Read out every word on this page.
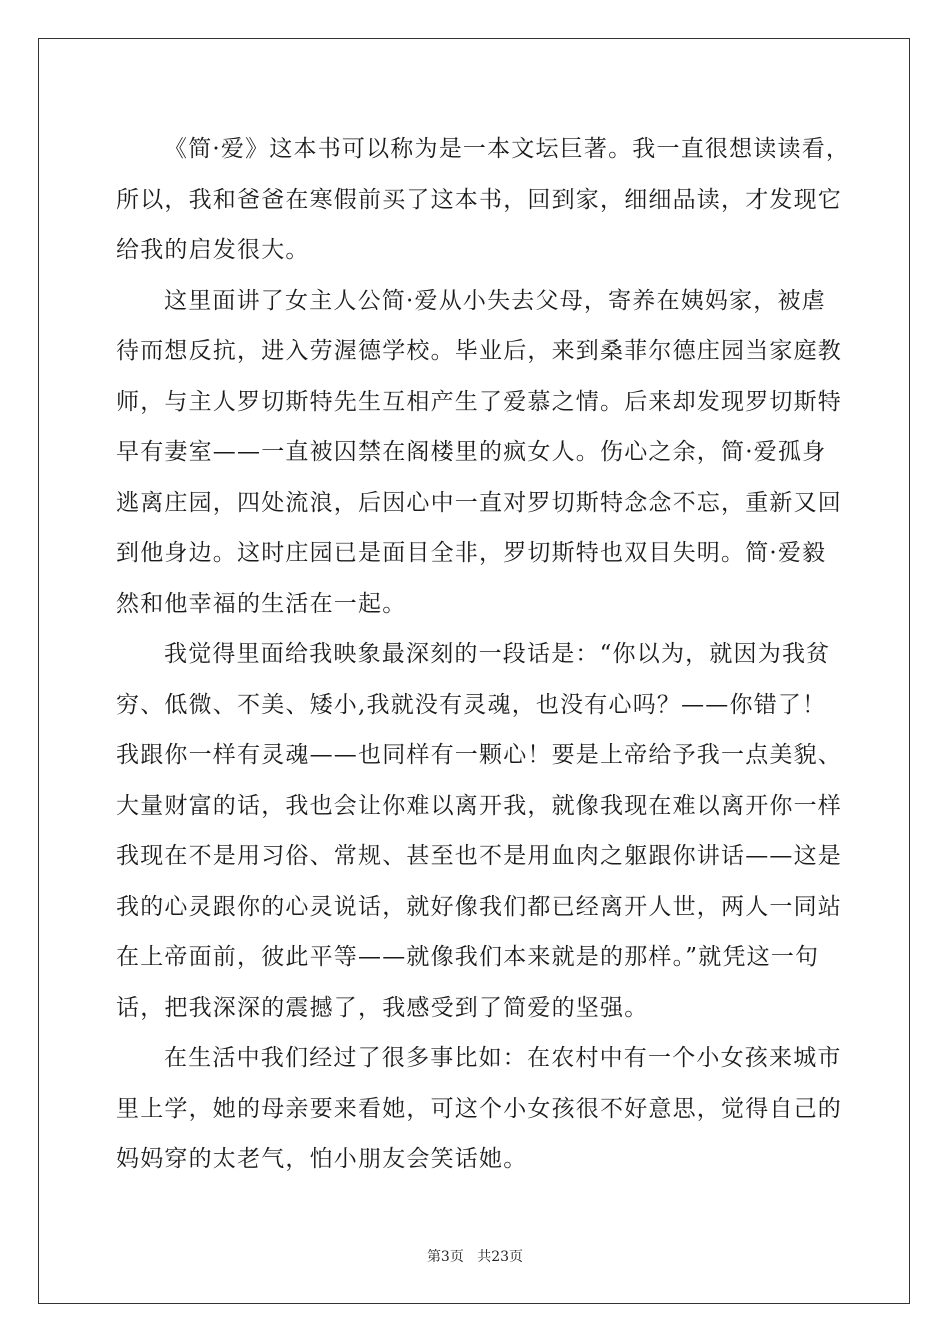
《简·爱》这本书可以称为是一本文坛巨著。我一直很想读读看，
所以，我和爸爸在寒假前买了这本书，回到家，细细品读，才发现它
给我的启发很大。

这里面讲了女主人公简·爱从小失去父母，寄养在姨妈家，被虐
待而想反抗，进入劳渥德学校。毕业后，来到桑菲尔德庄园当家庭教
师，与主人罗切斯特先生互相产生了爱慕之情。后来却发现罗切斯特
早有妻室——一直被囚禁在阁楼里的疯女人。伤心之余，简·爱孤身
逃离庄园，四处流浪，后因心中一直对罗切斯特念念不忘，重新又回
到他身边。这时庄园已是面目全非，罗切斯特也双目失明。简·爱毅
然和他幸福的生活在一起。

我觉得里面给我映象最深刻的一段话是：“你以为，就因为我贫
穷、低微、不美、矮小,我就没有灵魂，也没有心吗？——你错了！
我跟你一样有灵魂——也同样有一颗心！要是上帝给予我一点美貌、
大量财富的话，我也会让你难以离开我，就像我现在难以离开你一样
我现在不是用习俗、常规、甚至也不是用血肉之躯跟你讲话——这是
我的心灵跟你的心灵说话，就好像我们都已经离开人世，两人一同站
在上帝面前，彼此平等——就像我们本来就是的那样。”就凭这一句
话，把我深深的震撼了，我感受到了简爱的坚强。

在生活中我们经过了很多事比如：在农村中有一个小女孩来城市
里上学，她的母亲要来看她，可这个小女孩很不好意思，觉得自己的
妈妈穿的太老气，怕小朋友会笑话她。

第3页 共23页
